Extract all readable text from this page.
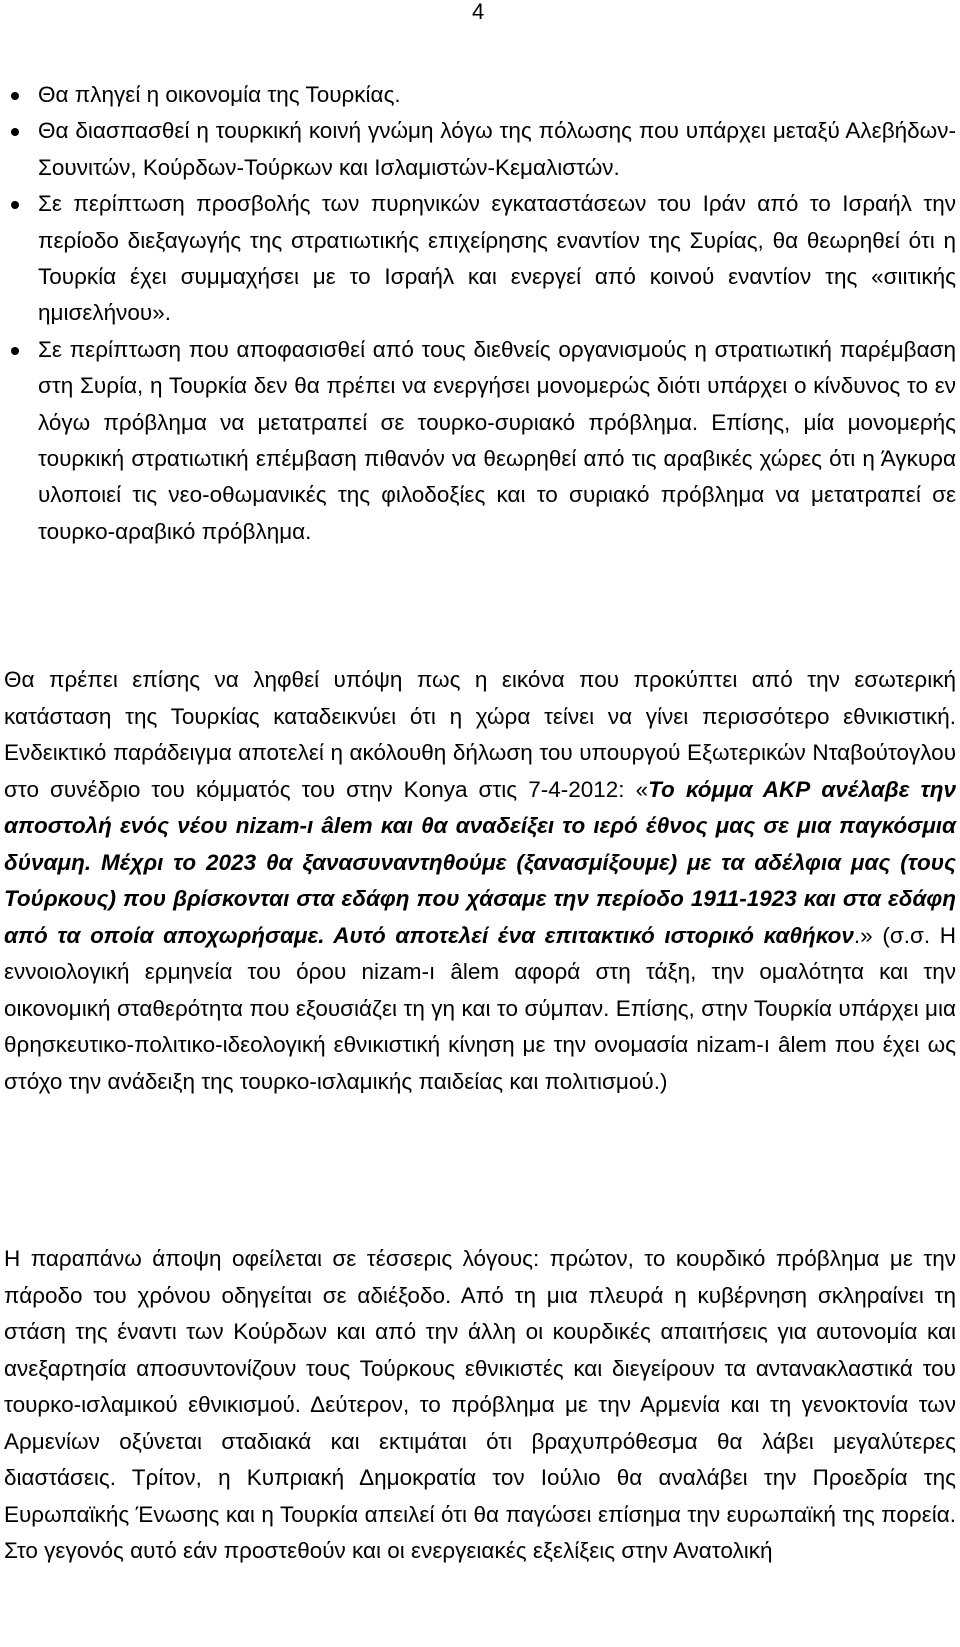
4
Θα πληγεί η οικονομία της Τουρκίας.
Θα διασπασθεί η τουρκική κοινή γνώμη λόγω της πόλωσης που υπάρχει μεταξύ Αλεβήδων-Σουνιτών, Κούρδων-Τούρκων και Ισλαμιστών-Κεμαλιστών.
Σε περίπτωση προσβολής των πυρηνικών εγκαταστάσεων του Ιράν από το Ισραήλ την περίοδο διεξαγωγής της στρατιωτικής επιχείρησης εναντίον της Συρίας, θα θεωρηθεί ότι η Τουρκία έχει συμμαχήσει με το Ισραήλ και ενεργεί από κοινού εναντίον της «σιιτικής ημισελήνου».
Σε περίπτωση που αποφασισθεί από τους διεθνείς οργανισμούς η στρατιωτική παρέμβαση στη Συρία, η Τουρκία δεν θα πρέπει να ενεργήσει μονομερώς διότι υπάρχει ο κίνδυνος το εν λόγω πρόβλημα να μετατραπεί σε τουρκο-συριακό πρόβλημα. Επίσης, μία μονομερής τουρκική στρατιωτική επέμβαση πιθανόν να θεωρηθεί από τις αραβικές χώρες ότι η Άγκυρα υλοποιεί τις νεο-οθωμανικές της φιλοδοξίες και το συριακό πρόβλημα να μετατραπεί σε τουρκο-αραβικό πρόβλημα.

Θα πρέπει επίσης να ληφθεί υπόψη πως η εικόνα που προκύπτει από την εσωτερική κατάσταση της Τουρκίας καταδεικνύει ότι η χώρα τείνει να γίνει περισσότερο εθνικιστική. Ενδεικτικό παράδειγμα αποτελεί η ακόλουθη δήλωση του υπουργού Εξωτερικών Νταβούτογλου στο συνέδριο του κόμματός του στην Konya στις 7-4-2012: «Το κόμμα ΑΚΡ ανέλαβε την αποστολή ενός νέου nizam-ı âlem και θα αναδείξει το ιερό έθνος μας σε μια παγκόσμια δύναμη. Μέχρι το 2023 θα ξανασυναντηθούμε (ξανασμίξουμε) με τα αδέλφια μας (τους Τούρκους) που βρίσκονται στα εδάφη που χάσαμε την περίοδο 1911-1923 και στα εδάφη από τα οποία αποχωρήσαμε. Αυτό αποτελεί ένα επιτακτικό ιστορικό καθήκον.» (σ.σ. Η εννοιολογική ερμηνεία του όρου nizam-ı âlem αφορά στη τάξη, την ομαλότητα και την οικονομική σταθερότητα που εξουσιάζει τη γη και το σύμπαν. Επίσης, στην Τουρκία υπάρχει μια θρησκευτικο-πολιτικο-ιδεολογική εθνικιστική κίνηση με την ονομασία nizam-ı âlem που έχει ως στόχο την ανάδειξη της τουρκο-ισλαμικής παιδείας και πολιτισμού.)

Η παραπάνω άποψη οφείλεται σε τέσσερις λόγους: πρώτον, το κουρδικό πρόβλημα με την πάροδο του χρόνου οδηγείται σε αδιέξοδο. Από τη μια πλευρά η κυβέρνηση σκληραίνει τη στάση της έναντι των Κούρδων και από την άλλη οι κουρδικές απαιτήσεις για αυτονομία και ανεξαρτησία αποσυντονίζουν τους Τούρκους εθνικιστές και διεγείρουν τα αντανακλαστικά του τουρκο-ισλαμικού εθνικισμού. Δεύτερον, το πρόβλημα με την Αρμενία και τη γενοκτονία των Αρμενίων οξύνεται σταδιακά και εκτιμάται ότι βραχυπρόθεσμα θα λάβει μεγαλύτερες διαστάσεις. Τρίτον, η Κυπριακή Δημοκρατία τον Ιούλιο θα αναλάβει την Προεδρία της Ευρωπαϊκής Ένωσης και η Τουρκία απειλεί ότι θα παγώσει επίσημα την ευρωπαϊκή της πορεία. Στο γεγονός αυτό εάν προστεθούν και οι ενεργειακές εξελίξεις στην Ανατολική
